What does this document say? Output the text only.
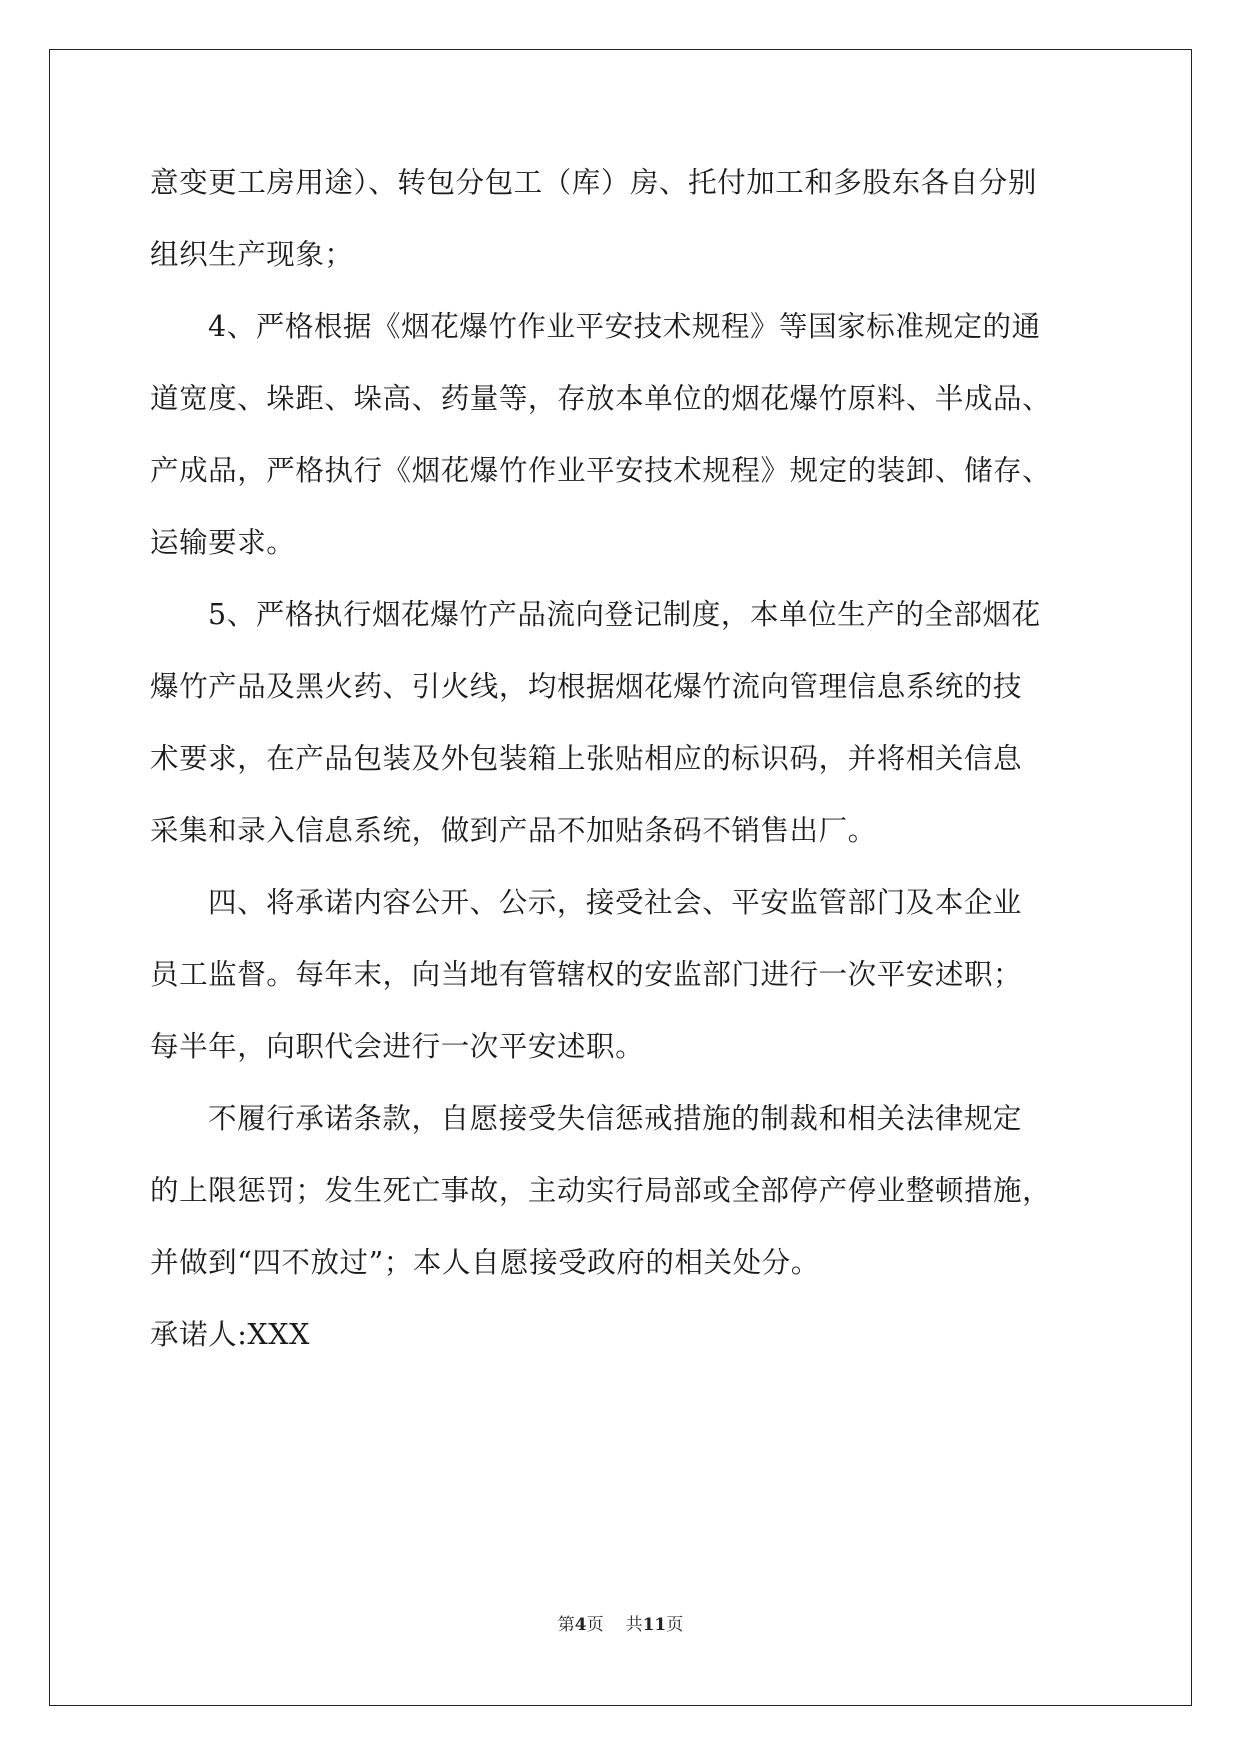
意变更工房用途）、转包分包工（库）房、托付加工和多股东各自分别
组织生产现象；
4、严格根据《烟花爆竹作业平安技术规程》等国家标准规定的通
道宽度、垛距、垛高、药量等，存放本单位的烟花爆竹原料、半成品、
产成品，严格执行《烟花爆竹作业平安技术规程》规定的装卸、储存、
运输要求。
5、严格执行烟花爆竹产品流向登记制度，本单位生产的全部烟花
爆竹产品及黑火药、引火线，均根据烟花爆竹流向管理信息系统的技
术要求，在产品包装及外包装箱上张贴相应的标识码，并将相关信息
采集和录入信息系统，做到产品不加贴条码不销售出厂。
四、将承诺内容公开、公示，接受社会、平安监管部门及本企业
员工监督。每年末，向当地有管辖权的安监部门进行一次平安述职；
每半年，向职代会进行一次平安述职。
不履行承诺条款，自愿接受失信惩戒措施的制裁和相关法律规定
的上限惩罚；发生死亡事故，主动实行局部或全部停产停业整顿措施，
并做到“四不放过”；本人自愿接受政府的相关处分。
承诺人:XXX
第4页 共11页
